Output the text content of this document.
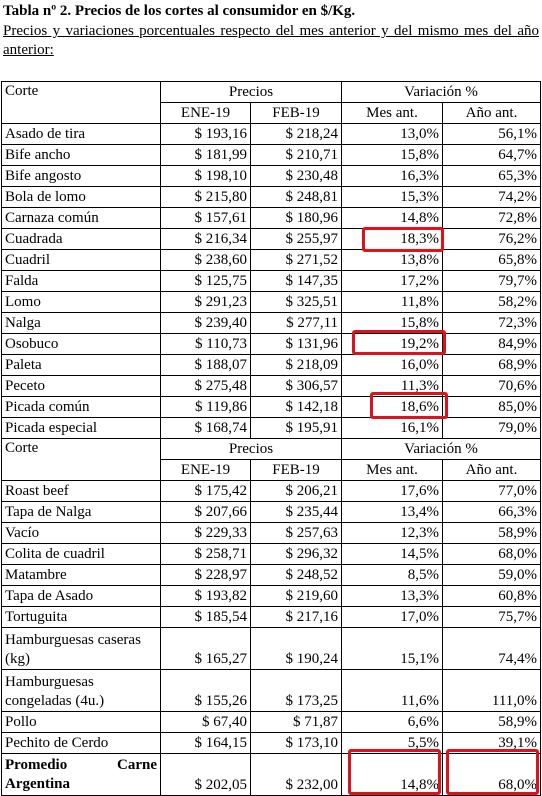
Tabla nº 2. Precios de los cortes al consumidor en $/Kg.
Precios y variaciones porcentuales respecto del mes anterior y del mismo mes del año anterior:
Corte	Precios		Variación %	
	ENE-19	FEB-19	Mes ant.	Año ant.
Asado de tira	$ 193,16	$ 218,24	13,0%	56,1%
Bife ancho	$ 181,99	$ 210,71	15,8%	64,7%
Bife angosto	$ 198,10	$ 230,48	16,3%	65,3%
Bola de lomo	$ 215,80	$ 248,81	15,3%	74,2%
Carnaza común	$ 157,61	$ 180,96	14,8%	72,8%
Cuadrada	$ 216,34	$ 255,97	18,3%	76,2%
Cuadril	$ 238,60	$ 271,52	13,8%	65,8%
Falda	$ 125,75	$ 147,35	17,2%	79,7%
Lomo	$ 291,23	$ 325,51	11,8%	58,2%
Nalga	$ 239,40	$ 277,11	15,8%	72,3%
Osobuco	$ 110,73	$ 131,96	19,2%	84,9%
Paleta	$ 188,07	$ 218,09	16,0%	68,9%
Peceto	$ 275,48	$ 306,57	11,3%	70,6%
Picada común	$ 119,86	$ 142,18	18,6%	85,0%
Picada especial	$ 168,74	$ 195,91	16,1%	79,0%
Corte	Precios		Variación %	
	ENE-19	FEB-19	Mes ant.	Año ant.
Roast beef	$ 175,42	$ 206,21	17,6%	77,0%
Tapa de Nalga	$ 207,66	$ 235,44	13,4%	66,3%
Vacío	$ 229,33	$ 257,63	12,3%	58,9%
Colita de cuadril	$ 258,71	$ 296,32	14,5%	68,0%
Matambre	$ 228,97	$ 248,52	8,5%	59,0%
Tapa de Asado	$ 193,82	$ 219,60	13,3%	60,8%
Tortuguita	$ 185,54	$ 217,16	17,0%	75,7%
Hamburguesas caseras (kg)	$ 165,27	$ 190,24	15,1%	74,4%
Hamburguesas congeladas (4u.)	$ 155,26	$ 173,25	11,6%	111,0%
Pollo	$ 67,40	$ 71,87	6,6%	58,9%
Pechito de Cerdo	$ 164,15	$ 173,10	5,5%	39,1%

Promedio Carne
Argentina	$ 202,05	$ 232,00	14,8%	68,0%
